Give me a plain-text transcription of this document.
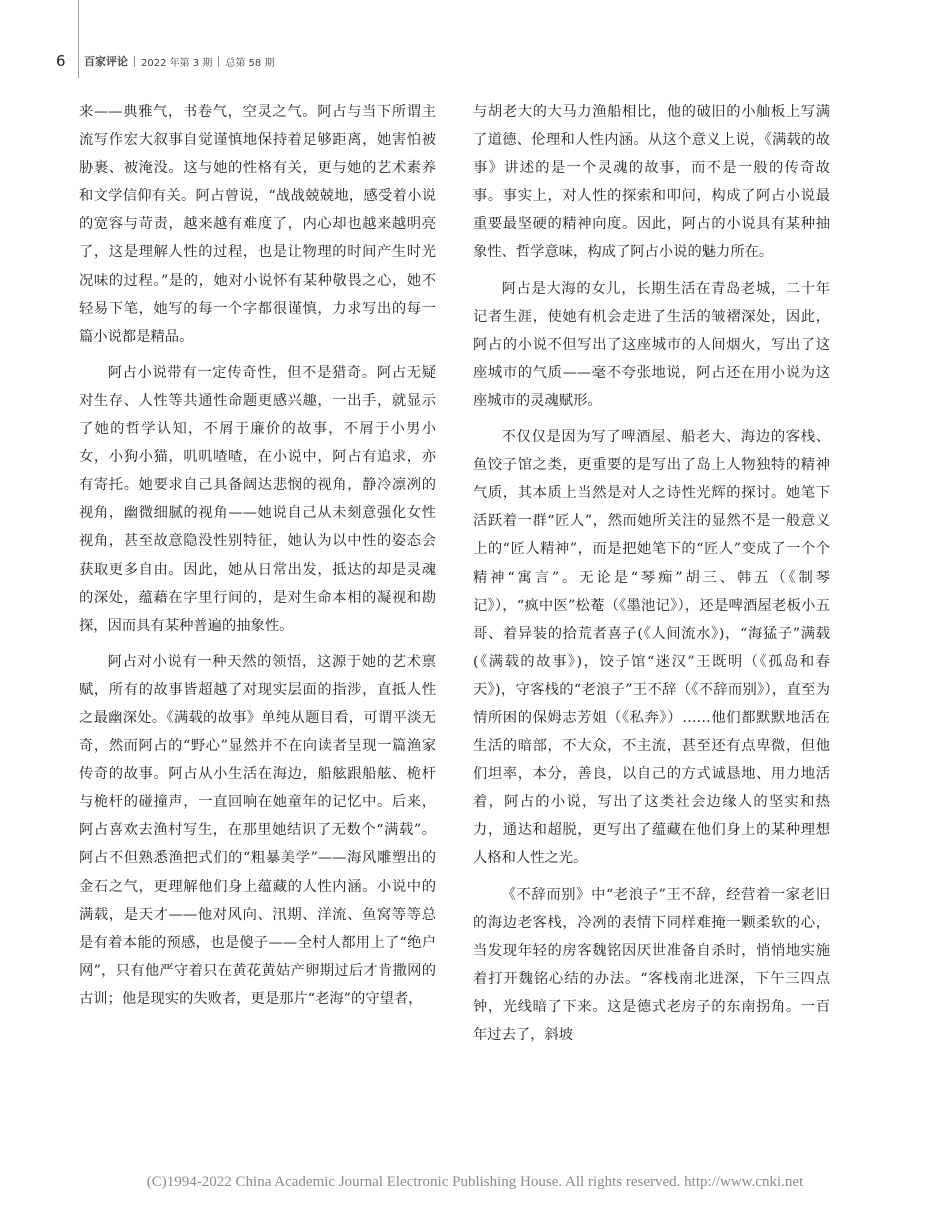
6	百家评论 2022 年第 3 期 总第 58 期

来——典雅气，书卷气，空灵之气。阿占与当下所谓主流写作宏大叙事自觉谨慎地保持着足够距离，她害怕被胁裹、被淹没。这与她的性格有关，更与她的艺术素养和文学信仰有关。阿占曾说，“战战兢兢地，感受着小说的宽容与苛责，越来越有难度了，内心却也越来越明亮了，这是理解人性的过程，也是让物理的时间产生时光况味的过程。”是的，她对小说怀有某种敬畏之心，她不轻易下笔，她写的每一个字都很谨慎，力求写出的每一篇小说都是精品。

阿占小说带有一定传奇性，但不是猎奇。阿占无疑对生存、人性等共通性命题更感兴趣，一出手，就显示了她的哲学认知，不屑于廉价的故事，不屑于小男小女，小狗小猫，叽叽喳喳，在小说中，阿占有追求，亦有寄托。她要求自己具备阔达悲悯的视角，静冷凛冽的视角，幽微细腻的视角——她说自己从未刻意强化女性视角，甚至故意隐没性别特征，她认为以中性的姿态会获取更多自由。因此，她从日常出发，抵达的却是灵魂的深处，蕴藉在字里行间的，是对生命本相的凝视和勘探，因而具有某种普遍的抽象性。

阿占对小说有一种天然的领悟，这源于她的艺术禀赋，所有的故事皆超越了对现实层面的指涉，直抵人性之最幽深处。《满载的故事》单纯从题目看，可谓平淡无奇，然而阿占的“野心”显然并不在向读者呈现一篇渔家传奇的故事。阿占从小生活在海边，船舷跟船舷、桅杆与桅杆的碰撞声，一直回响在她童年的记忆中。后来，阿占喜欢去渔村写生，在那里她结识了无数个“满载”。阿占不但熟悉渔把式们的“粗暴美学”——海风雕塑出的金石之气，更理解他们身上蕴藏的人性内涵。小说中的满载，是天才——他对风向、汛期、洋流、鱼窝等等总是有着本能的预感，也是傻子——全村人都用上了“绝户网”，只有他严守着只在黄花黄姑产卵期过后才肯撒网的古训；他是现实的失败者，更是那片“老海”的守望者，

与胡老大的大马力渔船相比，他的破旧的小舢板上写满了道德、伦理和人性内涵。从这个意义上说，《满载的故事》讲述的是一个灵魂的故事，而不是一般的传奇故事。事实上，对人性的探索和叩问，构成了阿占小说最重要最坚硬的精神向度。因此，阿占的小说具有某种抽象性、哲学意味，构成了阿占小说的魅力所在。

阿占是大海的女儿，长期生活在青岛老城，二十年记者生涯，使她有机会走进了生活的皱褶深处，因此，阿占的小说不但写出了这座城市的人间烟火，写出了这座城市的气质——毫不夸张地说，阿占还在用小说为这座城市的灵魂赋形。

不仅仅是因为写了啤酒屋、船老大、海边的客栈、鱼饺子馆之类，更重要的是写出了岛上人物独特的精神气质，其本质上当然是对人之诗性光辉的探讨。她笔下活跃着一群“匠人”，然而她所关注的显然不是一般意义上的“匠人精神”，而是把她笔下的“匠人”变成了一个个精神“寓言”。无论是“琴痴”胡三、韩五（《制琴记》），“疯中医”松菴（《墨池记》），还是啤酒屋老板小五哥、着异装的拾荒者喜子(《人间流水》)，“海猛子”满载(《满载的故事》)，饺子馆“迷汉”王既明（《孤岛和春天》)，守客栈的“老浪子”王不辞（《不辞而别》），直至为情所困的保姆志芳姐（《私奔》）……他们都默默地活在生活的暗部，不大众，不主流，甚至还有点卑微，但他们坦率，本分，善良，以自己的方式诚恳地、用力地活着，阿占的小说，写出了这类社会边缘人的坚实和热力，通达和超脱，更写出了蕴藏在他们身上的某种理想人格和人性之光。

《不辞而别》中“老浪子”王不辞，经营着一家老旧的海边老客栈，冷冽的表情下同样难掩一颗柔软的心，当发现年轻的房客魏铭因厌世准备自杀时，悄悄地实施着打开魏铭心结的办法。“客栈南北进深，下午三四点钟，光线暗了下来。这是德式老房子的东南拐角。一百年过去了，斜坡

(C)1994-2022 China Academic Journal Electronic Publishing House. All rights reserved. http://www.cnki.net
